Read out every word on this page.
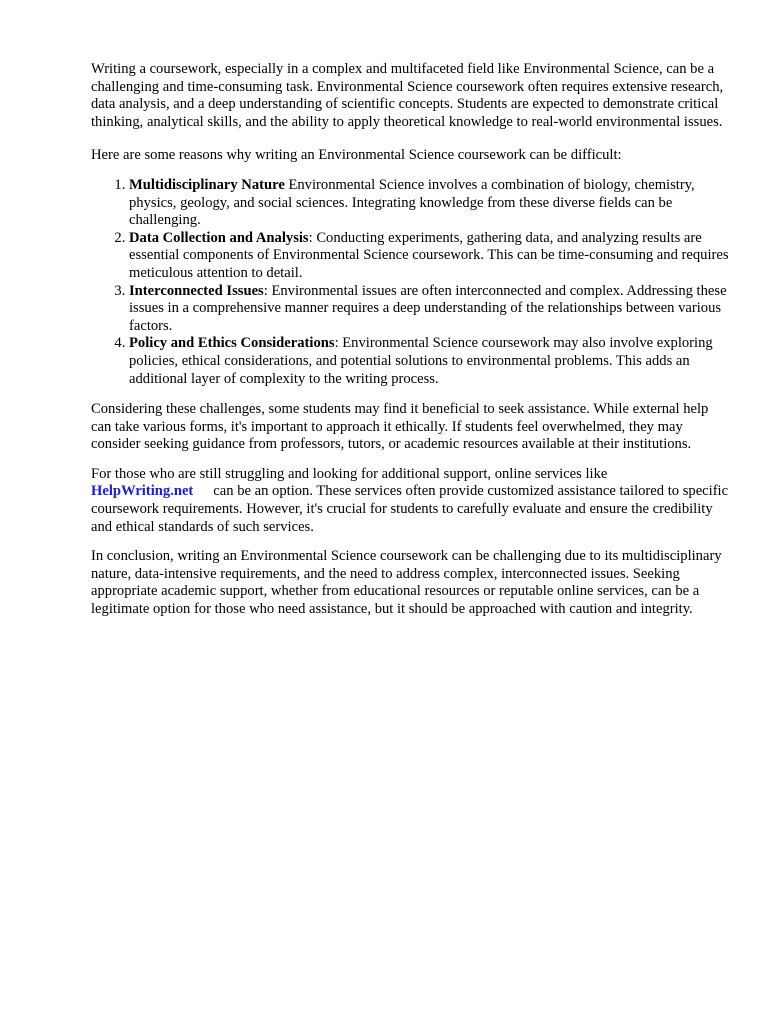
Writing a coursework, especially in a complex and multifaceted field like Environmental Science, can be a challenging and time-consuming task. Environmental Science coursework often requires extensive research, data analysis, and a deep understanding of scientific concepts. Students are expected to demonstrate critical thinking, analytical skills, and the ability to apply theoretical knowledge to real-world environmental issues.

Here are some reasons why writing an Environmental Science coursework can be difficult:

1. Multidisciplinary Nature Environmental Science involves a combination of biology, chemistry, physics, geology, and social sciences. Integrating knowledge from these diverse fields can be challenging.
2. Data Collection and Analysis: Conducting experiments, gathering data, and analyzing results are essential components of Environmental Science coursework. This can be time-consuming and requires meticulous attention to detail.
3. Interconnected Issues: Environmental issues are often interconnected and complex. Addressing these issues in a comprehensive manner requires a deep understanding of the relationships between various factors.
4. Policy and Ethics Considerations: Environmental Science coursework may also involve exploring policies, ethical considerations, and potential solutions to environmental problems. This adds an additional layer of complexity to the writing process.

Considering these challenges, some students may find it beneficial to seek assistance. While external help can take various forms, it's important to approach it ethically. If students feel overwhelmed, they may consider seeking guidance from professors, tutors, or academic resources available at their institutions.

For those who are still struggling and looking for additional support, online services like
HelpWriting.net can be an option. These services often provide customized assistance tailored to specific coursework requirements. However, it's crucial for students to carefully evaluate and ensure the credibility and ethical standards of such services.

In conclusion, writing an Environmental Science coursework can be challenging due to its multidisciplinary nature, data-intensive requirements, and the need to address complex, interconnected issues. Seeking appropriate academic support, whether from educational resources or reputable online services, can be a legitimate option for those who need assistance, but it should be approached with caution and integrity.
